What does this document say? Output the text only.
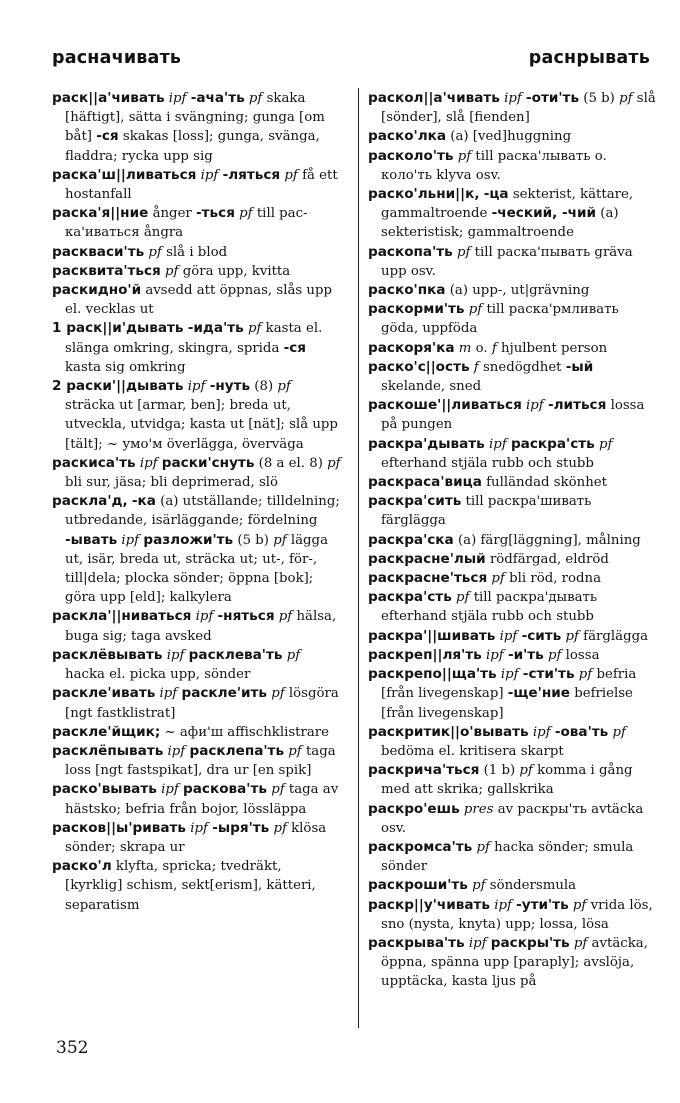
расначивать	раснрывать
раск||а'чивать ipf -ача'ть pf skaka [häftigt], sätta i svängning; gunga [om båt] -ся skakas [loss]; gunga, svänga, fladdra; rycka upp sig
раска'ш||ливаться ipf -ляться pf få ett hostanfall
раска'я||ние ånger -ться pf till рас-ка'иваться ångra
раскваси'ть pf slå i blod
расквита'ться pf göra upp, kvitta
раскидно'й avsedd att öppnas, slås upp el. vecklas ut
1 раск||и'дывать -ида'ть pf kasta el. slänga omkring, skingra, sprida -ся kasta sig omkring
2 раски'||дывать ipf -нуть (8) pf sträcka ut [armar, ben]; breda ut, utveckla, utvidga; kasta ut [nät]; slå upp [tält]; ~ умо'м överlägga, överväga
раскиса'ть ipf раски'снуть (8 a el. 8) pf bli sur, jäsa; bli deprimerad, slö
раскла'д, -ка (a) utställande; tilldelning; utbredande, isärläggande; fördelning -ывать ipf разложи'ть (5 b) pf lägga ut, isär, breda ut, sträcka ut; ut-, för-, till|dela; plocka sönder; öppna [bok]; göra upp [eld]; kalkylera
раскла'||ниваться ipf -няться pf hälsa, buga sig; taga avsked
расклёвывать ipf расклева'ть pf hacka el. picka upp, sönder
раскле'ивать ipf раскле'ить pf lösgöra [ngt fastklistrat]
раскле'йщик; ~ афи'ш affischklistrare
расклёпывать ipf расклепа'ть pf taga loss [ngt fastspikat], dra ur [en spik]
раско'вывать ipf раскова'ть pf taga av hästsko; befria från bojor, lössläppa
расков||ы'ривать ipf -ыря'ть pf klösa sönder; skrapa ur
раско'л klyfta, spricka; tvedräkt, [kyrklig] schism, sekt[erism], kätteri, separatism
раскол||а'чивать ipf -оти'ть (5 b) pf slå [sönder], slå [fienden]
раско'лка (a) [ved]huggning
расколо'ть pf till раска'лывать o. коло'ть klyva osv.
раско'льни||к, -ца sekterist, kättare, gammaltroende -ческий, -чий (a) sekteristisk; gammaltroende
раскопа'ть pf till раска'пывать gräva upp osv.
раско'пка (a) upp-, ut|grävning
раскорми'ть pf till раска'рмливать göda, uppföda
раскоря'ка m o. f hjulbent person
раско'с||ость f snedögdhet -ый skelande, sned
раскоше'||ливаться ipf -литься lossa på pungen
раскра'дывать ipf раскра'сть pf efterhand stjäla rubb och stubb
раскраса'вица fulländad skönhet
раскра'сить till раскра'шивать färglägga
раскра'ска (a) färg[läggning], målning
раскрасне'лый rödfärgad, eldröd
раскрасне'ться pf bli röd, rodna
раскра'сть pf till раскра'дывать efterhand stjäla rubb och stubb
раскра'||шивать ipf -сить pf färglägga
раскреп||ля'ть ipf -и'ть pf lossa
раскрепо||ща'ть ipf -сти'ть pf befria [från livegenskap] -ще'ние befrielse [från livegenskap]
раскритик||о'вывать ipf -ова'ть pf bedöma el. kritisera skarpt
раскрича'ться (1 b) pf komma i gång med att skrika; gallskrika
раскро'ешь pres av раскры'ть avtäcka osv.
раскромса'ть pf hacka sönder; smula sönder
раскроши'ть pf söndersmula
раскр||у'чивать ipf -ути'ть pf vrida lös, sno (nysta, knyta) upp; lossa, lösa
раскрыва'ть ipf раскры'ть pf avtäcka, öppna, spänna upp [paraply]; avslöja, upptäcka, kasta ljus på
352
